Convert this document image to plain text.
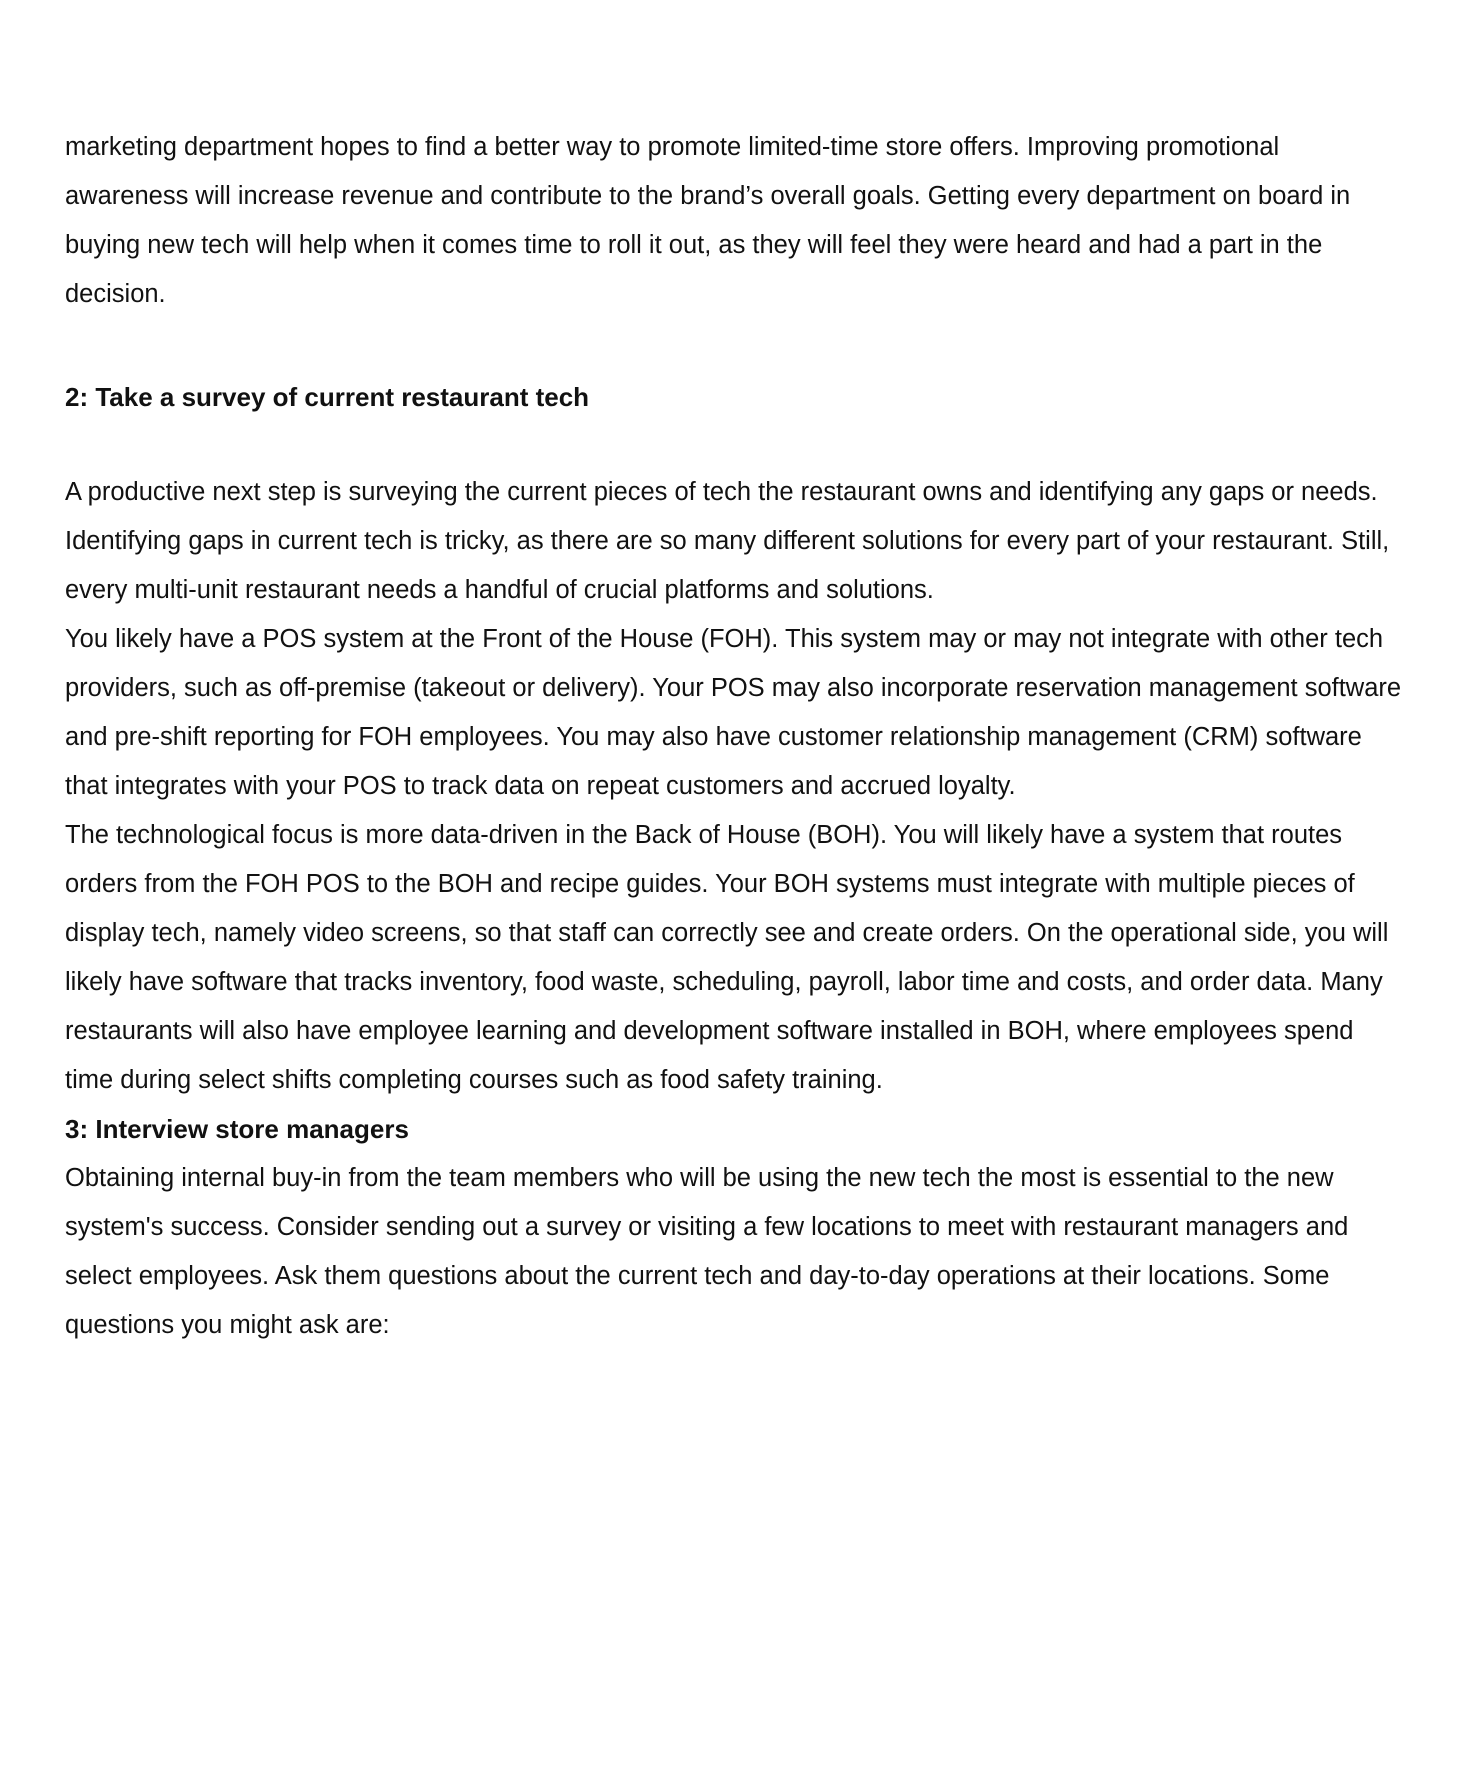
marketing department hopes to find a better way to promote limited-time store offers. Improving promotional awareness will increase revenue and contribute to the brand’s overall goals. Getting every department on board in buying new tech will help when it comes time to roll it out, as they will feel they were heard and had a part in the decision.

2: Take a survey of current restaurant tech

A productive next step is surveying the current pieces of tech the restaurant owns and identifying any gaps or needs. Identifying gaps in current tech is tricky, as there are so many different solutions for every part of your restaurant. Still, every multi-unit restaurant needs a handful of crucial platforms and solutions.

You likely have a POS system at the Front of the House (FOH). This system may or may not integrate with other tech providers, such as off-premise (takeout or delivery). Your POS may also incorporate reservation management software and pre-shift reporting for FOH employees. You may also have customer relationship management (CRM) software that integrates with your POS to track data on repeat customers and accrued loyalty.

The technological focus is more data-driven in the Back of House (BOH). You will likely have a system that routes orders from the FOH POS to the BOH and recipe guides. Your BOH systems must integrate with multiple pieces of display tech, namely video screens, so that staff can correctly see and create orders. On the operational side, you will likely have software that tracks inventory, food waste, scheduling, payroll, labor time and costs, and order data. Many restaurants will also have employee learning and development software installed in BOH, where employees spend time during select shifts completing courses such as food safety training.

3: Interview store managers

Obtaining internal buy-in from the team members who will be using the new tech the most is essential to the new system's success. Consider sending out a survey or visiting a few locations to meet with restaurant managers and select employees. Ask them questions about the current tech and day-to-day operations at their locations. Some questions you might ask are:
